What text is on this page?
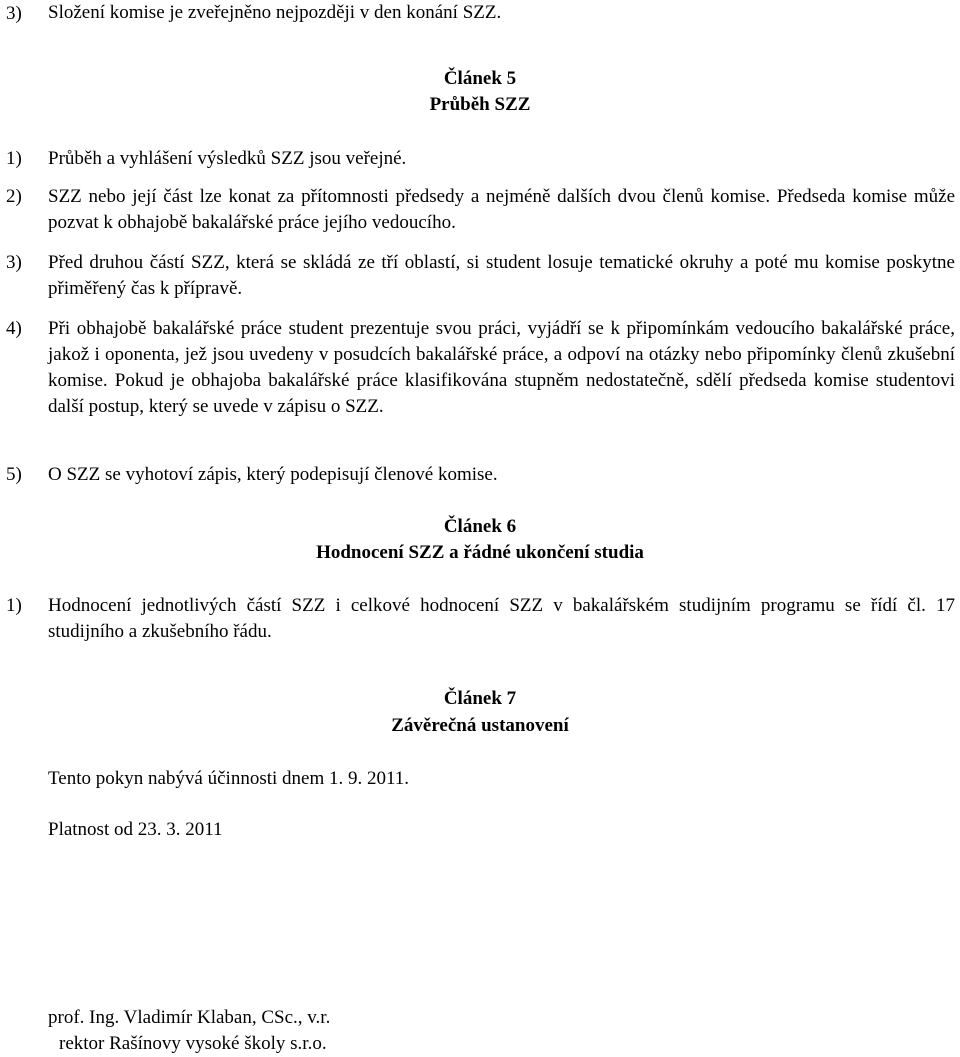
3) Složení komise je zveřejněno nejpozději v den konání SZZ.
Článek 5
Průběh SZZ
1) Průběh a vyhlášení výsledků SZZ jsou veřejné.
2) SZZ nebo její část lze konat za přítomnosti předsedy a nejméně dalších dvou členů komise. Předseda komise může pozvat k obhajobě bakalářské práce jejího vedoucího.
3) Před druhou částí SZZ, která se skládá ze tří oblastí, si student losuje tematické okruhy a poté mu komise poskytne přiměřený čas k přípravě.
4) Při obhajobě bakalářské práce student prezentuje svou práci, vyjádří se k připomínkám vedoucího bakalářské práce, jakož i oponenta, jež jsou uvedeny v posudcích bakalářské práce, a odpoví na otázky nebo připomínky členů zkušební komise. Pokud je obhajoba bakalářské práce klasifikována stupněm nedostatečně, sdělí předseda komise studentovi další postup, který se uvede v zápisu o SZZ.
5) O SZZ se vyhotoví zápis, který podepisují členové komise.
Článek 6
Hodnocení SZZ a řádné ukončení studia
1) Hodnocení jednotlivých částí SZZ i celkové hodnocení SZZ v bakalářském studijním programu se řídí čl. 17 studijního a zkušebního řádu.
Článek 7
Závěrečná ustanovení
Tento pokyn nabývá účinnosti dnem 1. 9. 2011.
Platnost od 23. 3. 2011
prof. Ing. Vladimír Klaban, CSc., v.r.
rektor Rašínovy vysoké školy s.r.o.
